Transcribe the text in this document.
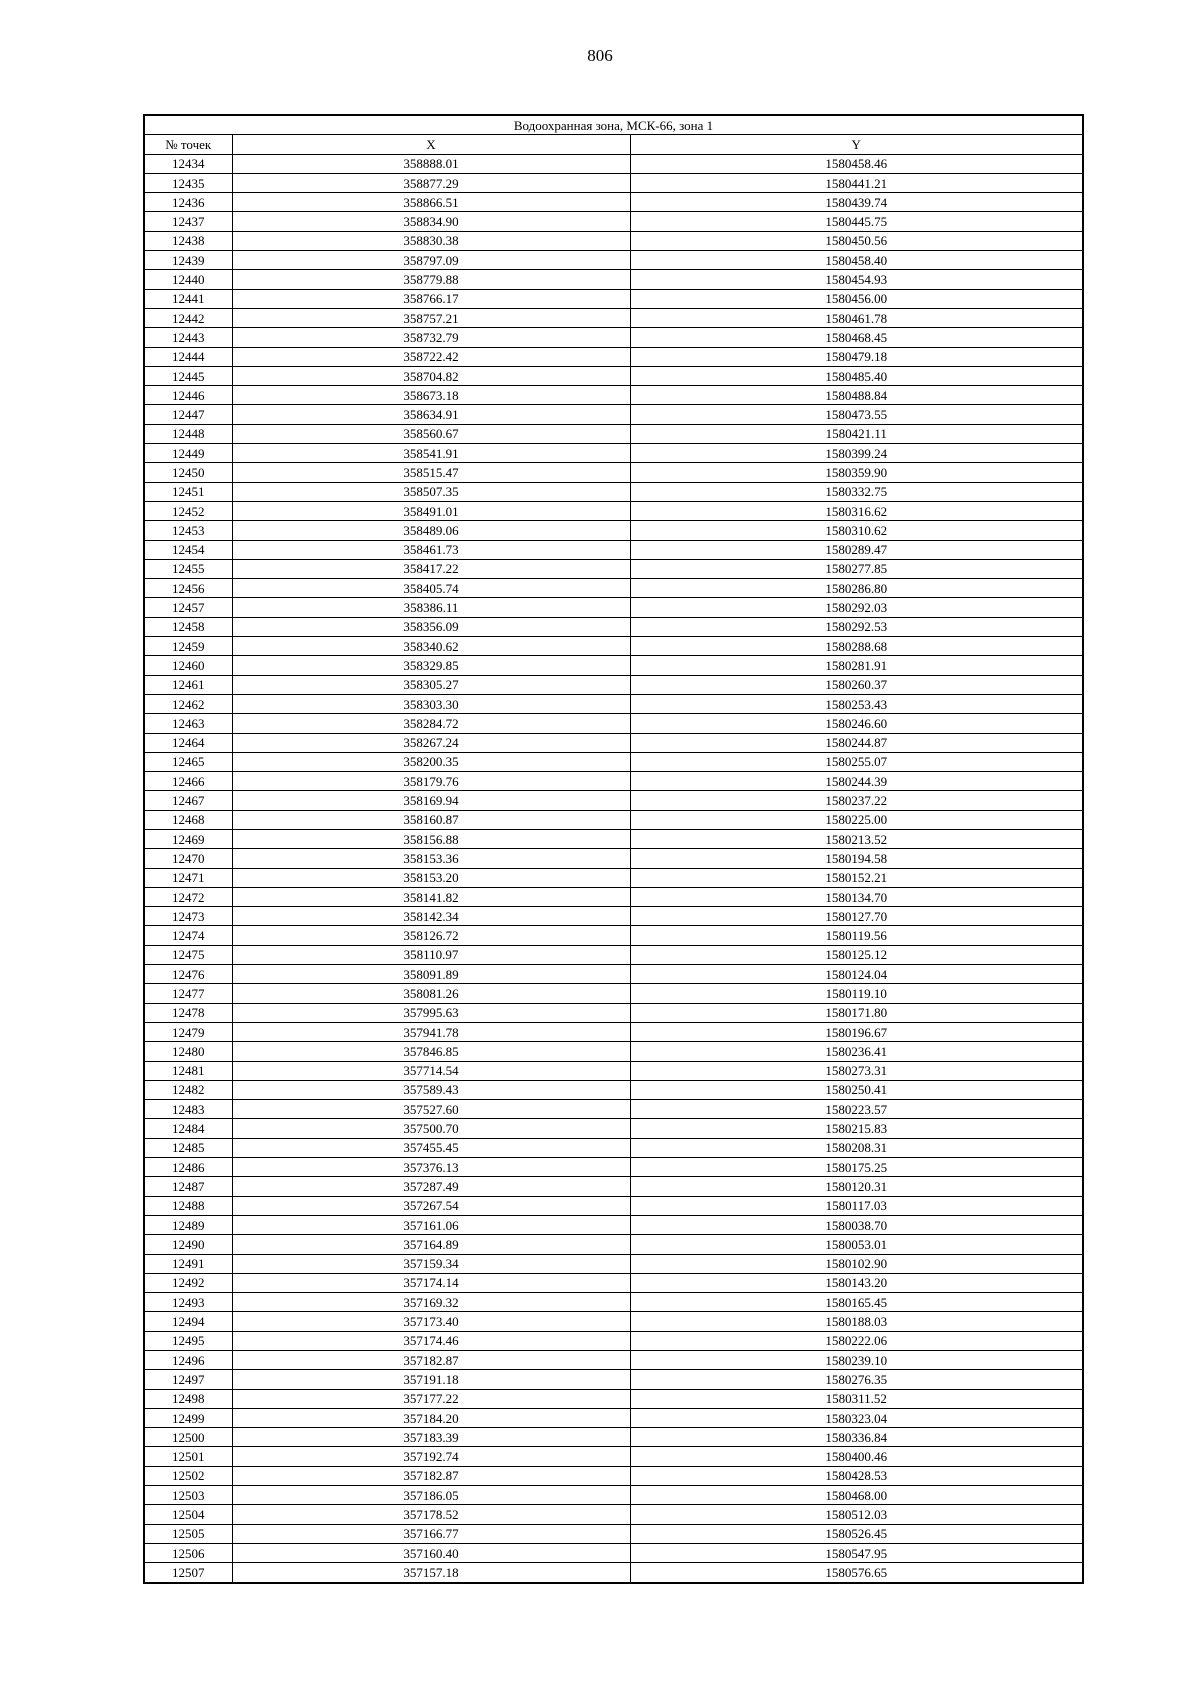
806
Водоохранная зона, МСК-66, зона 1		
№ точек	X	Y
12434	358888.01	1580458.46
12435	358877.29	1580441.21
12436	358866.51	1580439.74
12437	358834.90	1580445.75
12438	358830.38	1580450.56
12439	358797.09	1580458.40
12440	358779.88	1580454.93
12441	358766.17	1580456.00
12442	358757.21	1580461.78
12443	358732.79	1580468.45
12444	358722.42	1580479.18
12445	358704.82	1580485.40
12446	358673.18	1580488.84
12447	358634.91	1580473.55
12448	358560.67	1580421.11
12449	358541.91	1580399.24
12450	358515.47	1580359.90
12451	358507.35	1580332.75
12452	358491.01	1580316.62
12453	358489.06	1580310.62
12454	358461.73	1580289.47
12455	358417.22	1580277.85
12456	358405.74	1580286.80
12457	358386.11	1580292.03
12458	358356.09	1580292.53
12459	358340.62	1580288.68
12460	358329.85	1580281.91
12461	358305.27	1580260.37
12462	358303.30	1580253.43
12463	358284.72	1580246.60
12464	358267.24	1580244.87
12465	358200.35	1580255.07
12466	358179.76	1580244.39
12467	358169.94	1580237.22
12468	358160.87	1580225.00
12469	358156.88	1580213.52
12470	358153.36	1580194.58
12471	358153.20	1580152.21
12472	358141.82	1580134.70
12473	358142.34	1580127.70
12474	358126.72	1580119.56
12475	358110.97	1580125.12
12476	358091.89	1580124.04
12477	358081.26	1580119.10
12478	357995.63	1580171.80
12479	357941.78	1580196.67
12480	357846.85	1580236.41
12481	357714.54	1580273.31
12482	357589.43	1580250.41
12483	357527.60	1580223.57
12484	357500.70	1580215.83
12485	357455.45	1580208.31
12486	357376.13	1580175.25
12487	357287.49	1580120.31
12488	357267.54	1580117.03
12489	357161.06	1580038.70
12490	357164.89	1580053.01
12491	357159.34	1580102.90
12492	357174.14	1580143.20
12493	357169.32	1580165.45
12494	357173.40	1580188.03
12495	357174.46	1580222.06
12496	357182.87	1580239.10
12497	357191.18	1580276.35
12498	357177.22	1580311.52
12499	357184.20	1580323.04
12500	357183.39	1580336.84
12501	357192.74	1580400.46
12502	357182.87	1580428.53
12503	357186.05	1580468.00
12504	357178.52	1580512.03
12505	357166.77	1580526.45
12506	357160.40	1580547.95
12507	357157.18	1580576.65
